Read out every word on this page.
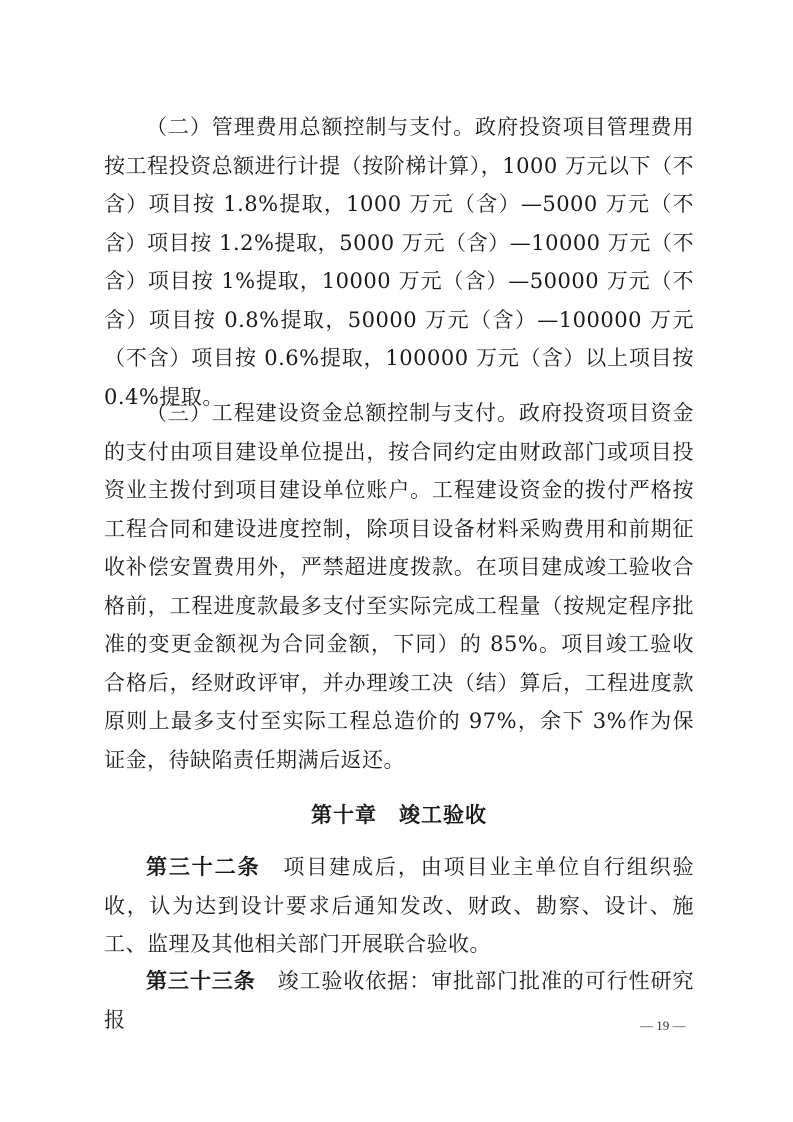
（二）管理费用总额控制与支付。政府投资项目管理费用按工程投资总额进行计提（按阶梯计算），1000 万元以下（不含）项目按 1.8%提取，1000 万元（含）—5000 万元（不含）项目按 1.2%提取，5000 万元（含）—10000 万元（不含）项目按 1%提取，10000 万元（含）—50000 万元（不含）项目按 0.8%提取，50000 万元（含）—100000 万元（不含）项目按 0.6%提取，100000 万元（含）以上项目按 0.4%提取。

（三）工程建设资金总额控制与支付。政府投资项目资金的支付由项目建设单位提出，按合同约定由财政部门或项目投资业主拨付到项目建设单位账户。工程建设资金的拨付严格按工程合同和建设进度控制，除项目设备材料采购费用和前期征收补偿安置费用外，严禁超进度拨款。在项目建成竣工验收合格前，工程进度款最多支付至实际完成工程量（按规定程序批准的变更金额视为合同金额，下同）的 85%。项目竣工验收合格后，经财政评审，并办理竣工决（结）算后，工程进度款原则上最多支付至实际工程总造价的 97%，余下 3%作为保证金，待缺陷责任期满后返还。

第十章　竣工验收

第三十二条　项目建成后，由项目业主单位自行组织验收，认为达到设计要求后通知发改、财政、勘察、设计、施工、监理及其他相关部门开展联合验收。

第三十三条　竣工验收依据：审批部门批准的可行性研究报	— 19 —
